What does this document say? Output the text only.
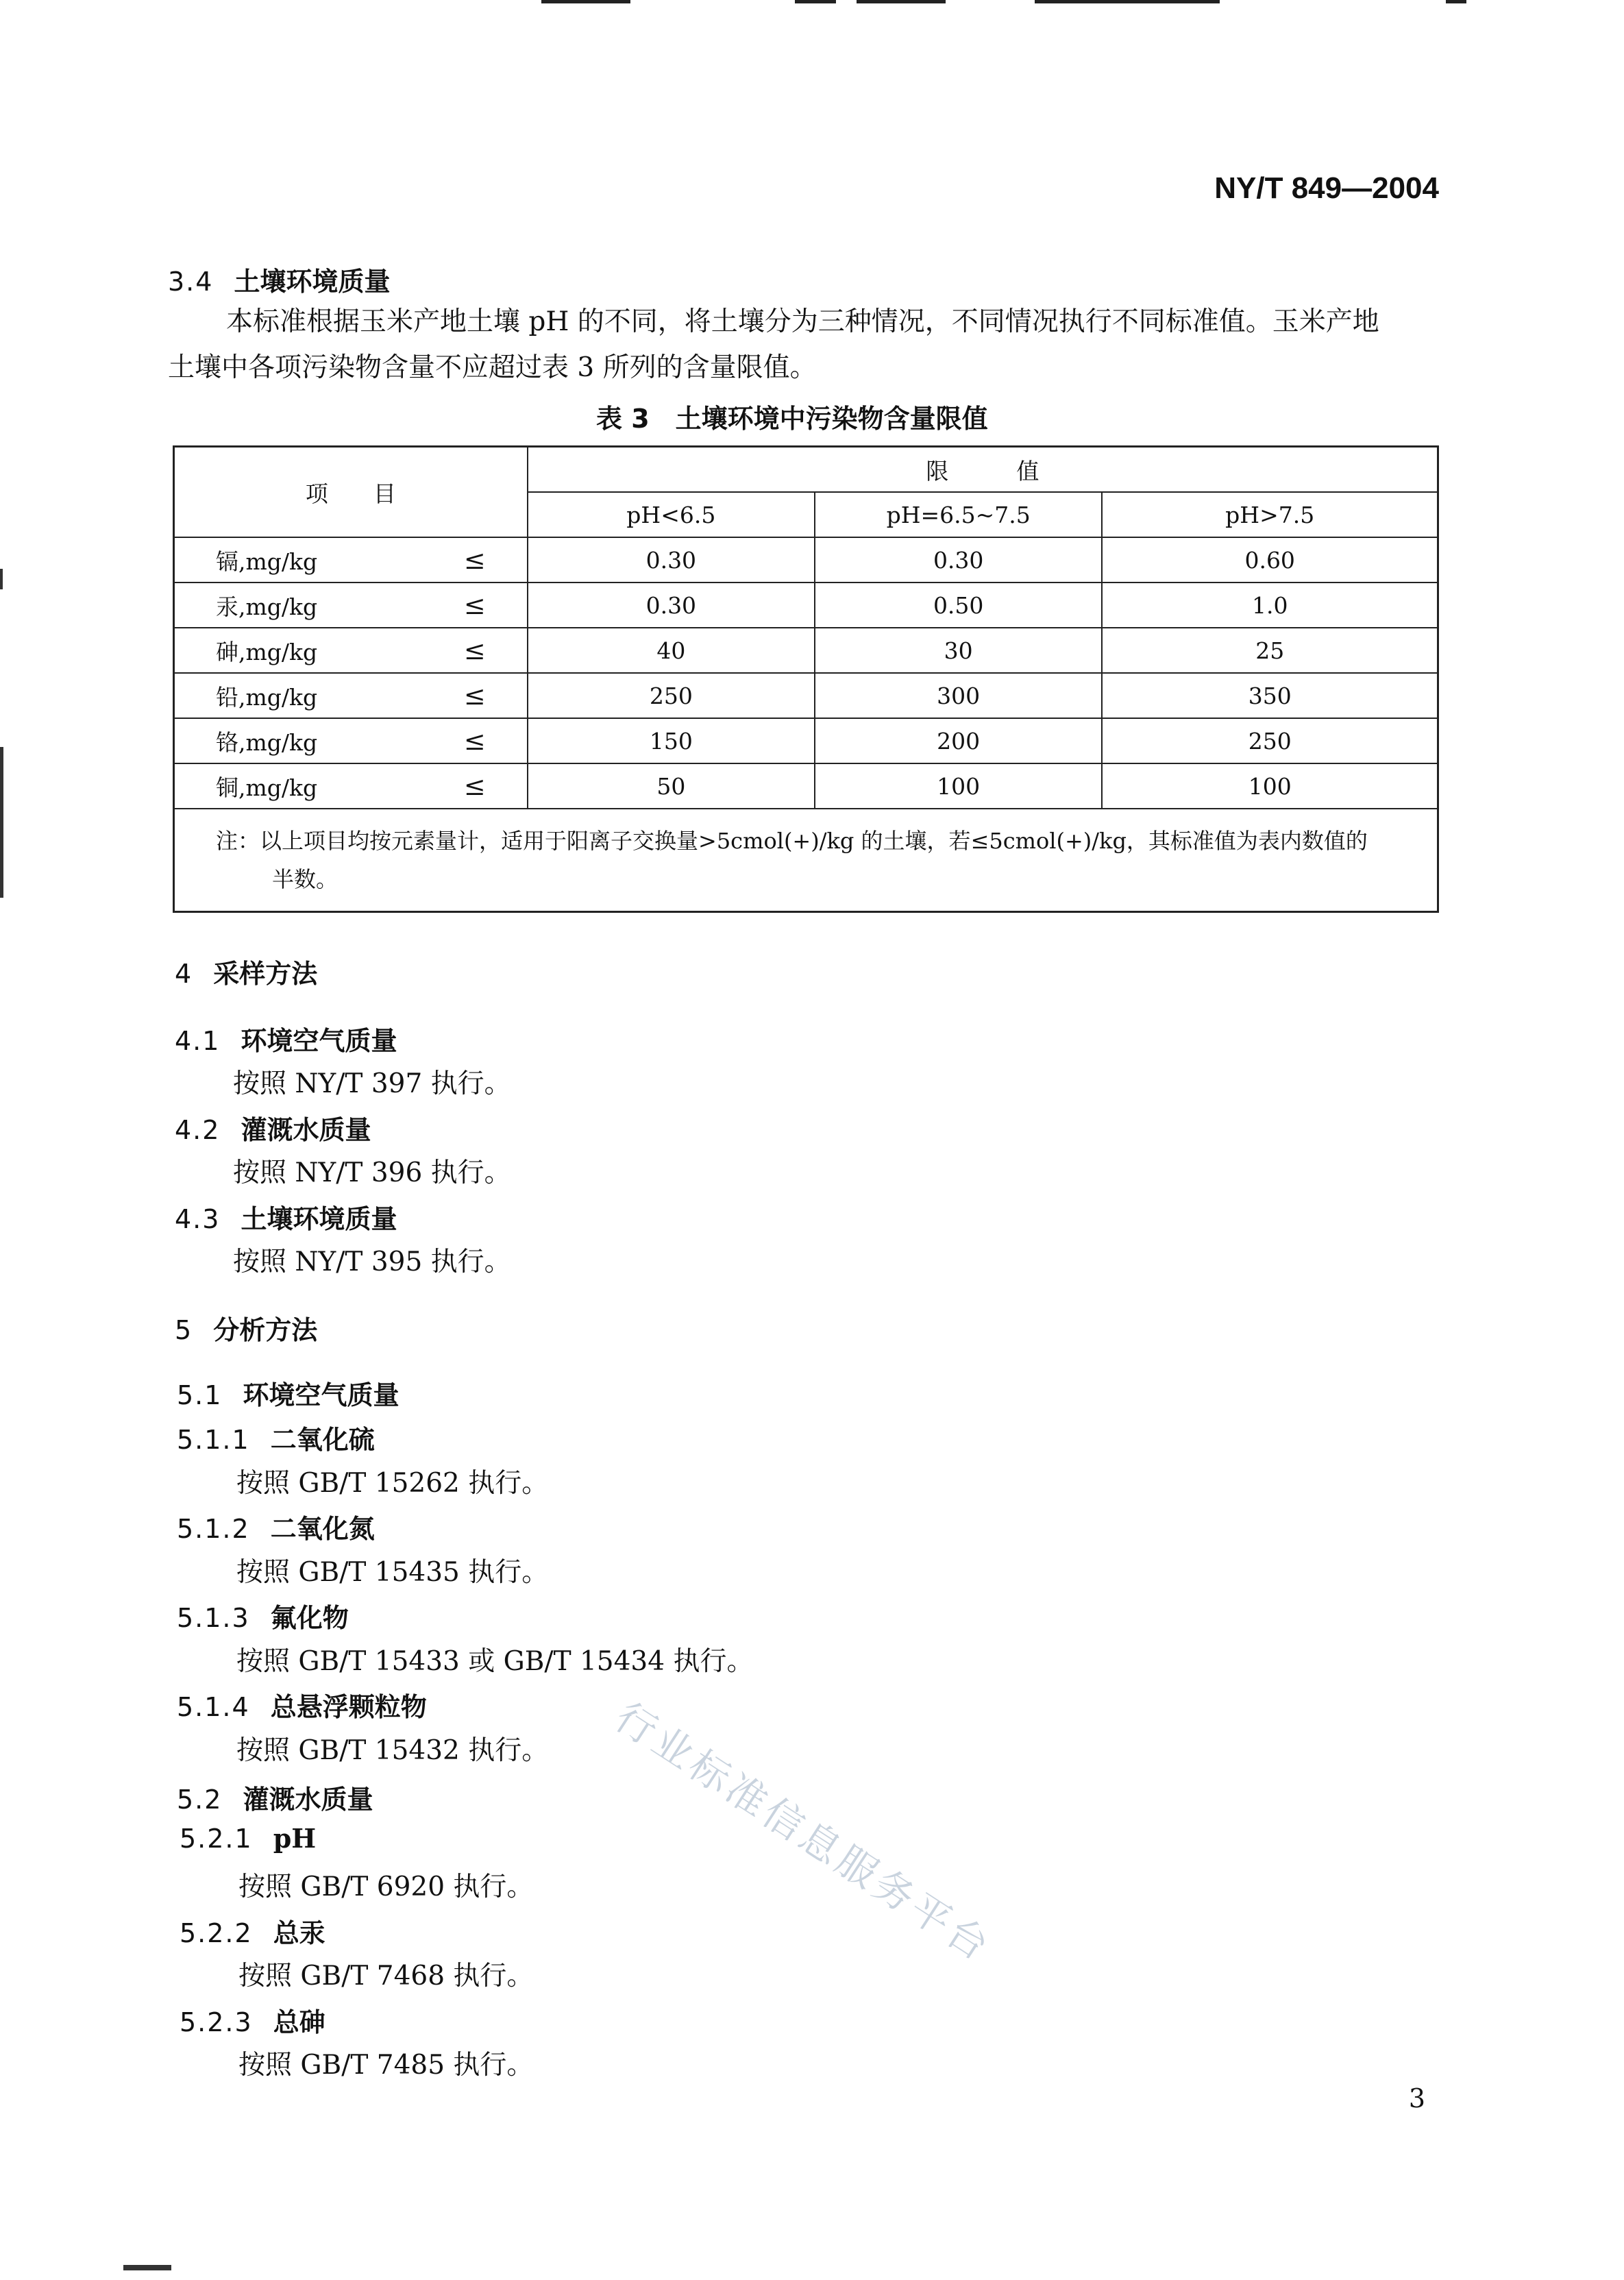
NY/T 849—2004
3.4 土壤环境质量
本标准根据玉米产地土壤 pH 的不同，将土壤分为三种情况，不同情况执行不同标准值。玉米产地
土壤中各项污染物含量不应超过表 3 所列的含量限值。
表 3　土壤环境中污染物含量限值
项　　目	限　　　值		
	pH<6.5	pH=6.5~7.5	pH>7.5
镉,mg/kg ≤	0.30	0.30	0.60
汞,mg/kg ≤	0.30	0.50	1.0
砷,mg/kg ≤	40	30	25
铅,mg/kg ≤	250	300	350
铬,mg/kg ≤	150	200	250
铜,mg/kg ≤	50	100	100
注：以上项目均按元素量计，适用于阳离子交换量>5cmol(+)/kg 的土壤，若≤5cmol(+)/kg，其标准值为表内数值的
半数。			
4 采样方法
4.1 环境空气质量
按照 NY/T 397 执行。
4.2 灌溉水质量
按照 NY/T 396 执行。
4.3 土壤环境质量
按照 NY/T 395 执行。
5 分析方法
5.1 环境空气质量
5.1.1 二氧化硫
按照 GB/T 15262 执行。
5.1.2 二氧化氮
按照 GB/T 15435 执行。
5.1.3 氟化物
按照 GB/T 15433 或 GB/T 15434 执行。
5.1.4 总悬浮颗粒物
按照 GB/T 15432 执行。
5.2 灌溉水质量
5.2.1 pH
按照 GB/T 6920 执行。
5.2.2 总汞
按照 GB/T 7468 执行。
5.2.3 总砷
按照 GB/T 7485 执行。
行业标准信息服务平台
3
